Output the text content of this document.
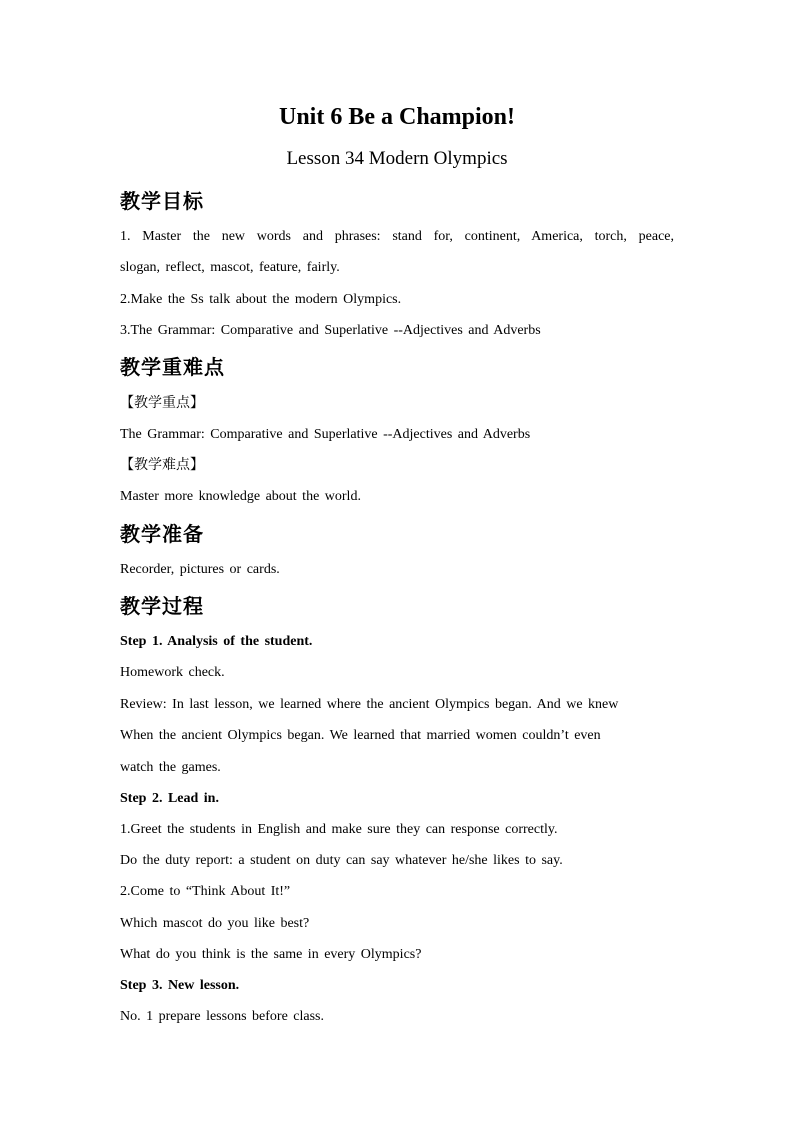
Unit 6 Be a Champion!
Lesson 34 Modern Olympics
教学目标
1. Master the new words and phrases: stand for, continent, America, torch, peace,
slogan, reflect, mascot, feature, fairly.
2.Make the Ss talk about the modern Olympics.
3.The Grammar: Comparative and Superlative --Adjectives and Adverbs
教学重难点
【教学重点】
The Grammar: Comparative and Superlative --Adjectives and Adverbs
【教学难点】
Master more knowledge about the world.
教学准备
Recorder, pictures or cards.
教学过程
Step 1. Analysis of the student.
Homework check.
Review: In last lesson, we learned where the ancient Olympics began. And we knew
When the ancient Olympics began. We learned that married women couldn’t even
watch the games.
Step 2. Lead in.
1.Greet the students in English and make sure they can response correctly.
Do the duty report: a student on duty can say whatever he/she likes to say.
2.Come to “Think About It!”
Which mascot do you like best?
What do you think is the same in every Olympics?
Step 3. New lesson.
No. 1 prepare lessons before class.
